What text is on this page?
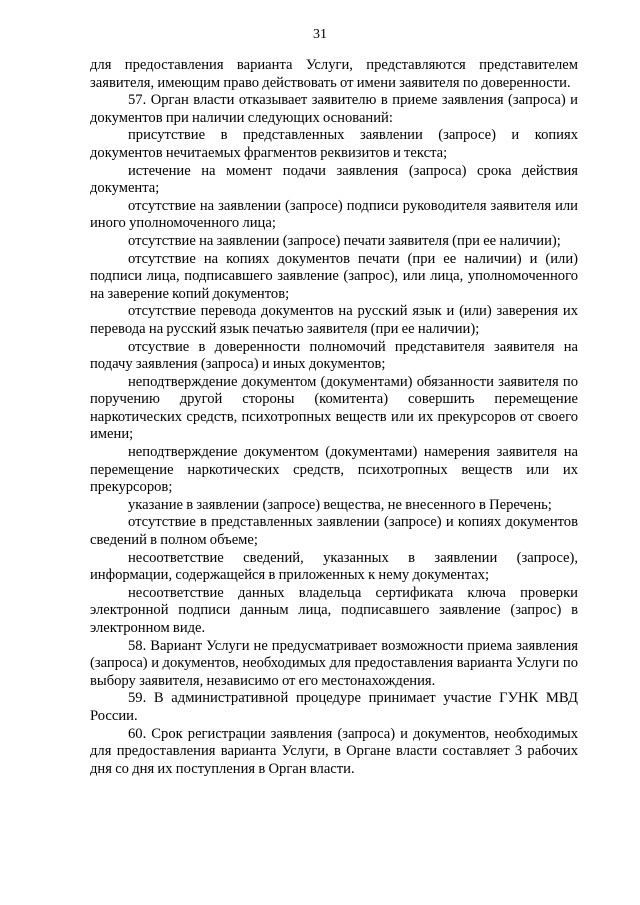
31

для предоставления варианта Услуги, представляются представителем заявителя, имеющим право действовать от имени заявителя по доверенности.

57. Орган власти отказывает заявителю в приеме заявления (запроса) и документов при наличии следующих оснований:

присутствие в представленных заявлении (запросе) и копиях документов нечитаемых фрагментов реквизитов и текста;

истечение на момент подачи заявления (запроса) срока действия документа;

отсутствие на заявлении (запросе) подписи руководителя заявителя или иного уполномоченного лица;

отсутствие на заявлении (запросе) печати заявителя (при ее наличии);

отсутствие на копиях документов печати (при ее наличии) и (или) подписи лица, подписавшего заявление (запрос), или лица, уполномоченного на заверение копий документов;

отсутствие перевода документов на русский язык и (или) заверения их перевода на русский язык печатью заявителя (при ее наличии);

отсуствие в доверенности полномочий представителя заявителя на подачу заявления (запроса) и иных документов;

неподтверждение документом (документами) обязанности заявителя по поручению другой стороны (комитента) совершить перемещение наркотических средств, психотропных веществ или их прекурсоров от своего имени;

неподтверждение документом (документами) намерения заявителя на перемещение наркотических средств, психотропных веществ или их прекурсоров;

указание в заявлении (запросе) вещества, не внесенного в Перечень;

отсутствие в представленных заявлении (запросе) и копиях документов сведений в полном объеме;

несоответствие сведений, указанных в заявлении (запросе), информации, содержащейся в приложенных к нему документах;

несоответствие данных владельца сертификата ключа проверки электронной подписи данным лица, подписавшего заявление (запрос) в электронном виде.

58. Вариант Услуги не предусматривает возможности приема заявления (запроса) и документов, необходимых для предоставления варианта Услуги по выбору заявителя, независимо от его местонахождения.

59. В административной процедуре принимает участие ГУНК МВД России.

60. Срок регистрации заявления (запроса) и документов, необходимых для предоставления варианта Услуги, в Органе власти составляет 3 рабочих дня со дня их поступления в Орган власти.
